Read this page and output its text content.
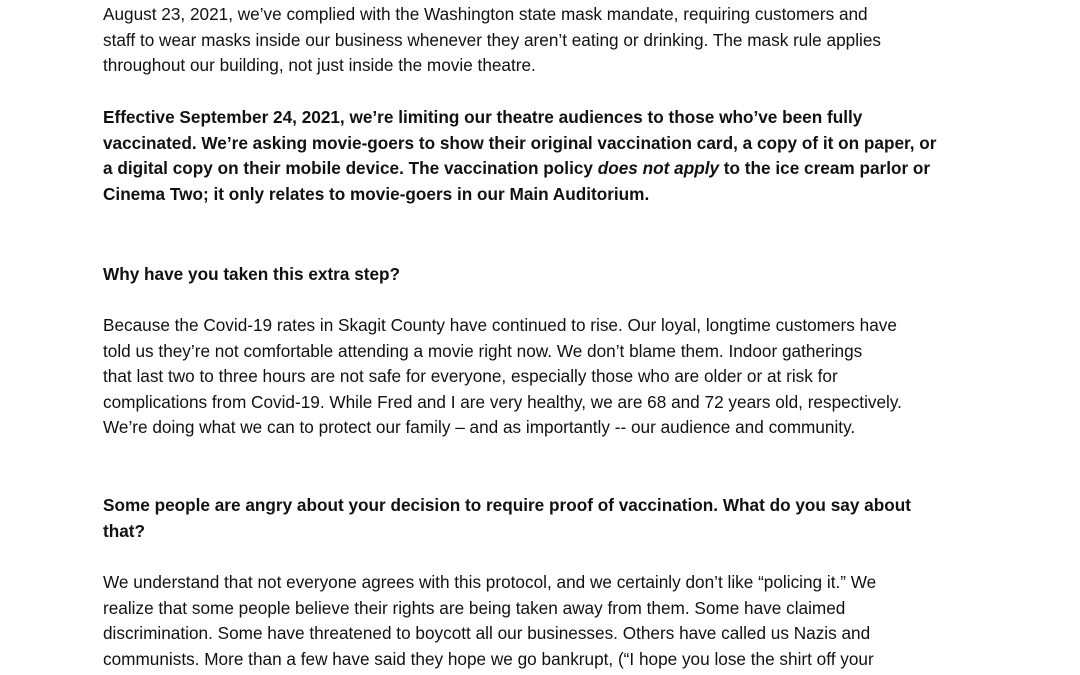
August 23, 2021, we’ve complied with the Washington state mask mandate, requiring customers and
staff to wear masks inside our business whenever they aren’t eating or drinking. The mask rule applies
throughout our building, not just inside the movie theatre.
Effective September 24, 2021, we’re limiting our theatre audiences to those who’ve been fully
vaccinated. We’re asking movie-goers to show their original vaccination card, a copy of it on paper, or
a digital copy on their mobile device. The vaccination policy does not apply to the ice cream parlor or
Cinema Two; it only relates to movie-goers in our Main Auditorium.
Why have you taken this extra step?
Because the Covid-19 rates in Skagit County have continued to rise. Our loyal, longtime customers have
told us they’re not comfortable attending a movie right now. We don’t blame them. Indoor gatherings
that last two to three hours are not safe for everyone, especially those who are older or at risk for
complications from Covid-19. While Fred and I are very healthy, we are 68 and 72 years old, respectively.
We’re doing what we can to protect our family – and as importantly -- our audience and community.
Some people are angry about your decision to require proof of vaccination. What do you say about
that?
We understand that not everyone agrees with this protocol, and we certainly don’t like “policing it.” We
realize that some people believe their rights are being taken away from them. Some have claimed
discrimination. Some have threatened to boycott all our businesses. Others have called us Nazis and
communists. More than a few have said they hope we go bankrupt, (“I hope you lose the shirt off your
